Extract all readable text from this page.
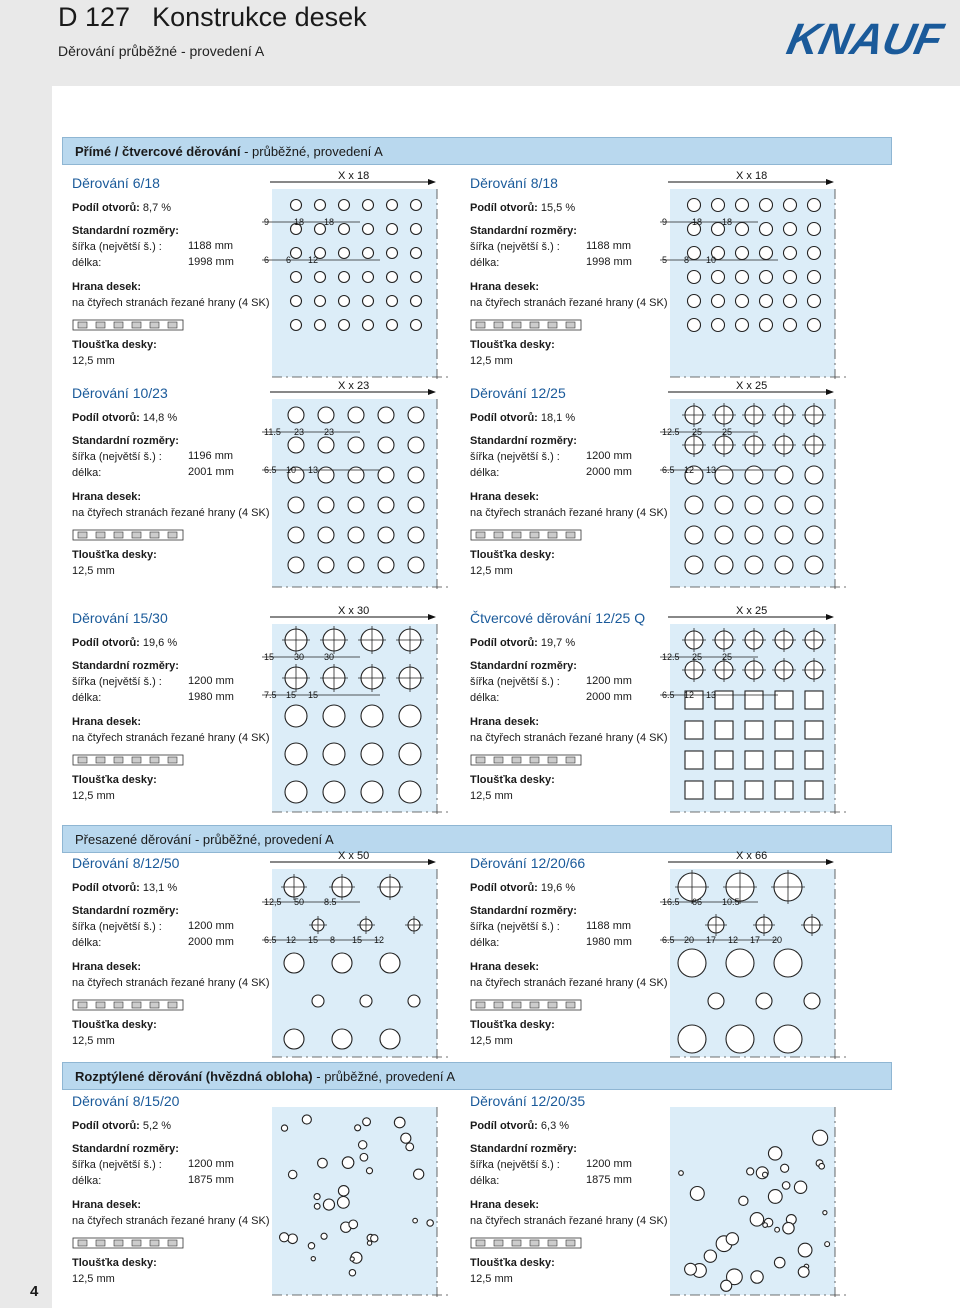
D 127 Konstrukce desek
Děrování průběžné - provedení A	KNAUF
4
Přímé / čtvercové děrování - průběžné, provedení A
Přesazené děrování - průběžné, provedení A
Rozptýlené děrování (hvězdná obloha) - průběžné, provedení A
Děrování 6/18
Podíl otvorů: 8,7 %
Standardní rozměry:
šířka (největší š.) : 1188 mm
délka:	1998 mm
Hrana desek:
na čtyřech stranách řezané hrany (4 SK)
Tloušťka desky:
12,5 mm
X x 18
9	18 18
6 6 12
Děrování 8/18
Podíl otvorů: 15,5 %
Standardní rozměry:
šířka (největší š.) : 1188 mm
délka:	1998 mm
Hrana desek:
na čtyřech stranách řezané hrany (4 SK)
Tloušťka desky:
12,5 mm
X x 18
9	18 18
5 8 10
Děrování 10/23
Podíl otvorů: 14,8 %
Standardní rozměry:
šířka (největší š.) : 1196 mm
délka:	2001 mm
Hrana desek:
na čtyřech stranách řezané hrany (4 SK)
Tloušťka desky:
12,5 mm
X x 23
11.5 23 23
6.5 10 13
Děrování 12/25
Podíl otvorů: 18,1 %
Standardní rozměry:
šířka (největší š.) : 1200 mm
délka:	2000 mm
Hrana desek:
na čtyřech stranách řezané hrany (4 SK)
Tloušťka desky:
12,5 mm
X x 25
12.5 25 25
6.5 12 13
Děrování 15/30
Podíl otvorů: 19,6 %
Standardní rozměry:
šířka (největší š.) : 1200 mm
délka:	1980 mm
Hrana desek:
na čtyřech stranách řezané hrany (4 SK)
Tloušťka desky:
12,5 mm
X x 30
15 30 30
7.5 15 15
Čtvercové děrování 12/25 Q
Podíl otvorů: 19,7 %
Standardní rozměry:
šířka (největší š.) : 1200 mm
délka:	2000 mm
Hrana desek:
na čtyřech stranách řezané hrany (4 SK)
Tloušťka desky:
12,5 mm
X x 25
12.5 25 25
6.5 12 13
Děrování 8/12/50
Podíl otvorů: 13,1 %
Standardní rozměry:
šířka (největší š.) : 1200 mm
délka:	2000 mm
Hrana desek:
na čtyřech stranách řezané hrany (4 SK)
Tloušťka desky:
12,5 mm
X x 50
12,5 50 8.5
6.5 12 15 8 15 12
Děrování 12/20/66
Podíl otvorů: 19,6 %
Standardní rozměry:
šířka (největší š.) : 1188 mm
délka:	1980 mm
Hrana desek:
na čtyřech stranách řezané hrany (4 SK)
Tloušťka desky:
12,5 mm
X x 66
16.5 66 10.5
6.5 20 17 12 17 20
Děrování 8/15/20
Podíl otvorů: 5,2 %
Standardní rozměry:
šířka (největší š.) : 1200 mm
délka:	1875 mm
Hrana desek:
na čtyřech stranách řezané hrany (4 SK)
Tloušťka desky:
12,5 mm
Děrování 12/20/35
Podíl otvorů: 6,3 %
Standardní rozměry:
šířka (největší š.) : 1200 mm
délka:	1875 mm
Hrana desek:
na čtyřech stranách řezané hrany (4 SK)
Tloušťka desky:
12,5 mm
